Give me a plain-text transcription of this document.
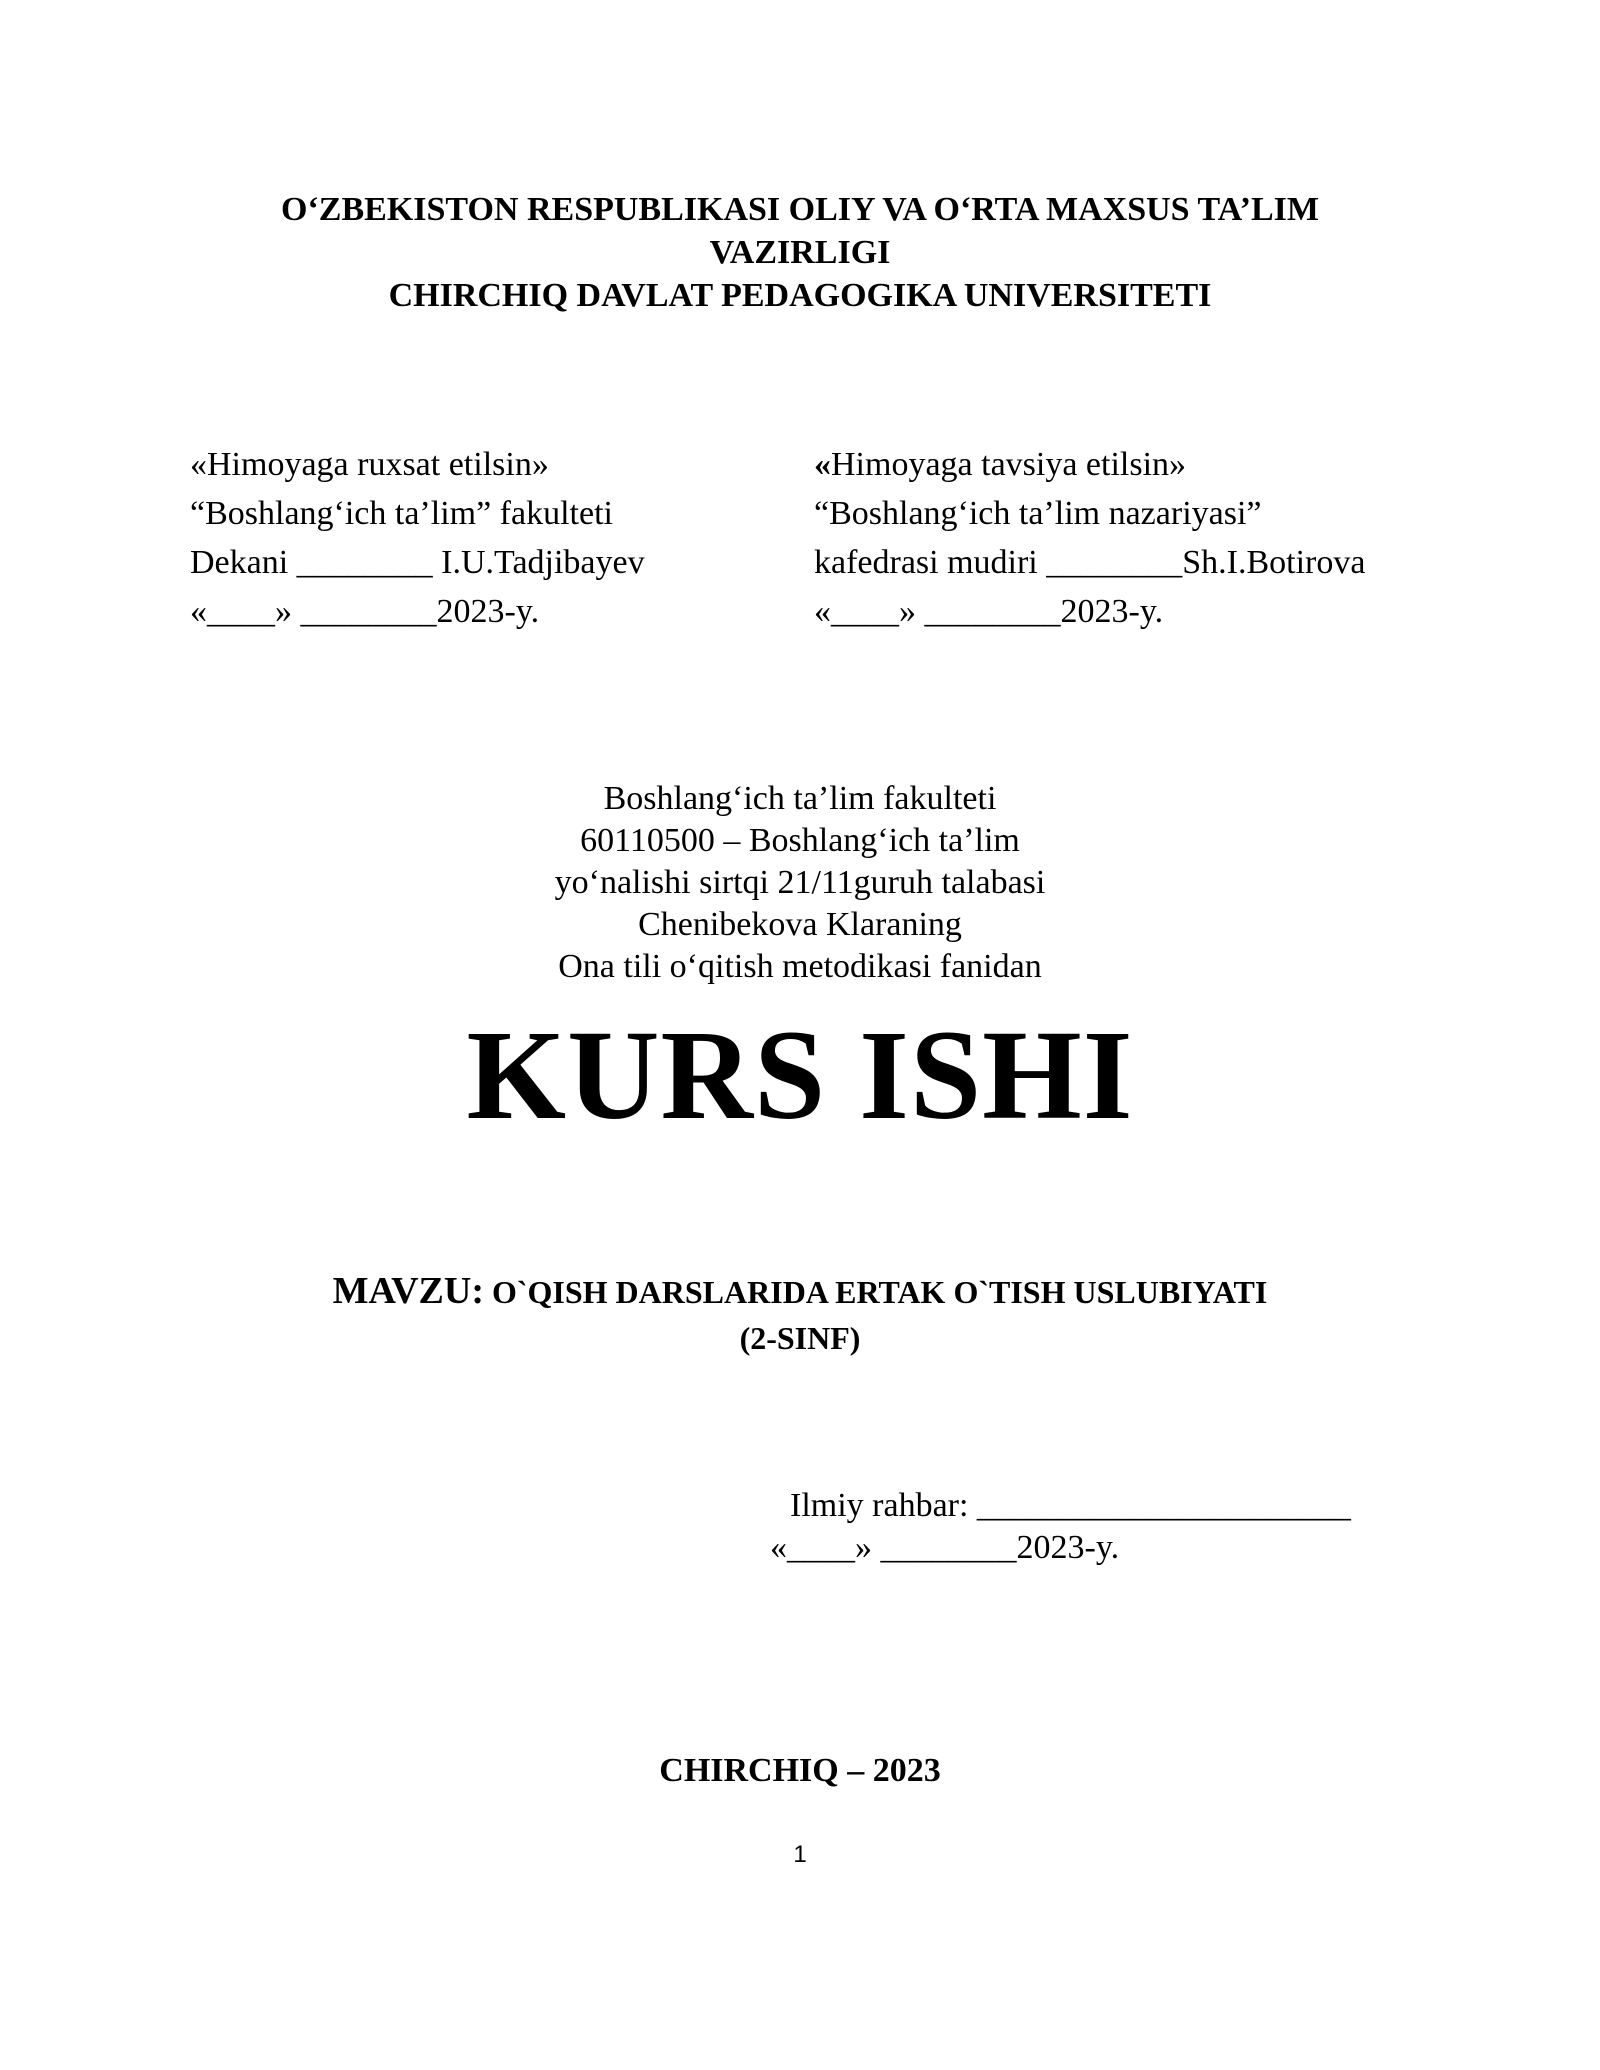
O‘ZBEKISTON RESPUBLIKASI OLIY VA O‘RTA MAXSUS TA’LIM
VAZIRLIGI
CHIRCHIQ DAVLAT PEDAGOGIKA UNIVERSITETI
«Himoyaga ruxsat etilsin»
“Boshlang‘ich ta’lim” fakulteti
Dekani ________ I.U.Tadjibayev
«____» ________2023-y.
«Himoyaga tavsiya etilsin»
“Boshlang‘ich ta’lim nazariyasi”
kafedrasi mudiri ________Sh.I.Botirova
«____» ________2023-y.
Boshlang‘ich ta’lim fakulteti
60110500 – Boshlang‘ich ta’lim
yo‘nalishi sirtqi 21/11guruh talabasi
Chenibekova Klaraning
Ona tili o‘qitish metodikasi fanidan
KURS ISHI
MAVZU: O`QISH DARSLARIDA ERTAK O`TISH USLUBIYATI
(2-SINF)
Ilmiy rahbar: ______________________
«____» ________2023-y.
CHIRCHIQ – 2023
1
